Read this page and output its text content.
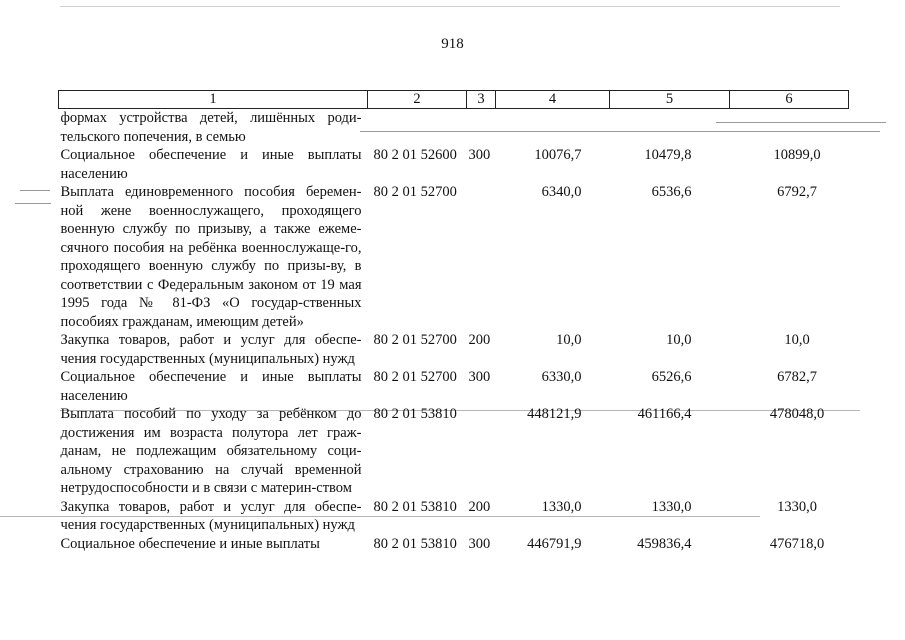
918
1	2	3	4	5	6
формах устройства детей, лишённых роди-тельского попечения, в семью					
Социальное обеспечение и иные выплаты населению	80 2 01 52600	300	10076,7	10479,8	10899,0
Выплата единовременного пособия беремен-ной жене военнослужащего, проходящего военную службу по призыву, а также ежеме-сячного пособия на ребёнка военнослужаще-го, проходящего военную службу по призы-ву, в соответствии с Федеральным законом от 19 мая 1995 года № 81-ФЗ «О государ-ственных пособиях гражданам, имеющим детей»	80 2 01 52700		6340,0	6536,6	6792,7
Закупка товаров, работ и услуг для обеспе-чения государственных (муниципальных) нужд	80 2 01 52700	200	10,0	10,0	10,0
Социальное обеспечение и иные выплаты населению	80 2 01 52700	300	6330,0	6526,6	6782,7
Выплата пособий по уходу за ребёнком до достижения им возраста полутора лет граж-данам, не подлежащим обязательному соци-альному страхованию на случай временной нетрудоспособности и в связи с материн-ством	80 2 01 53810		448121,9	461166,4	478048,0
Закупка товаров, работ и услуг для обеспе-чения государственных (муниципальных) нужд	80 2 01 53810	200	1330,0	1330,0	1330,0
Социальное обеспечение и иные выплаты	80 2 01 53810	300	446791,9	459836,4	476718,0
